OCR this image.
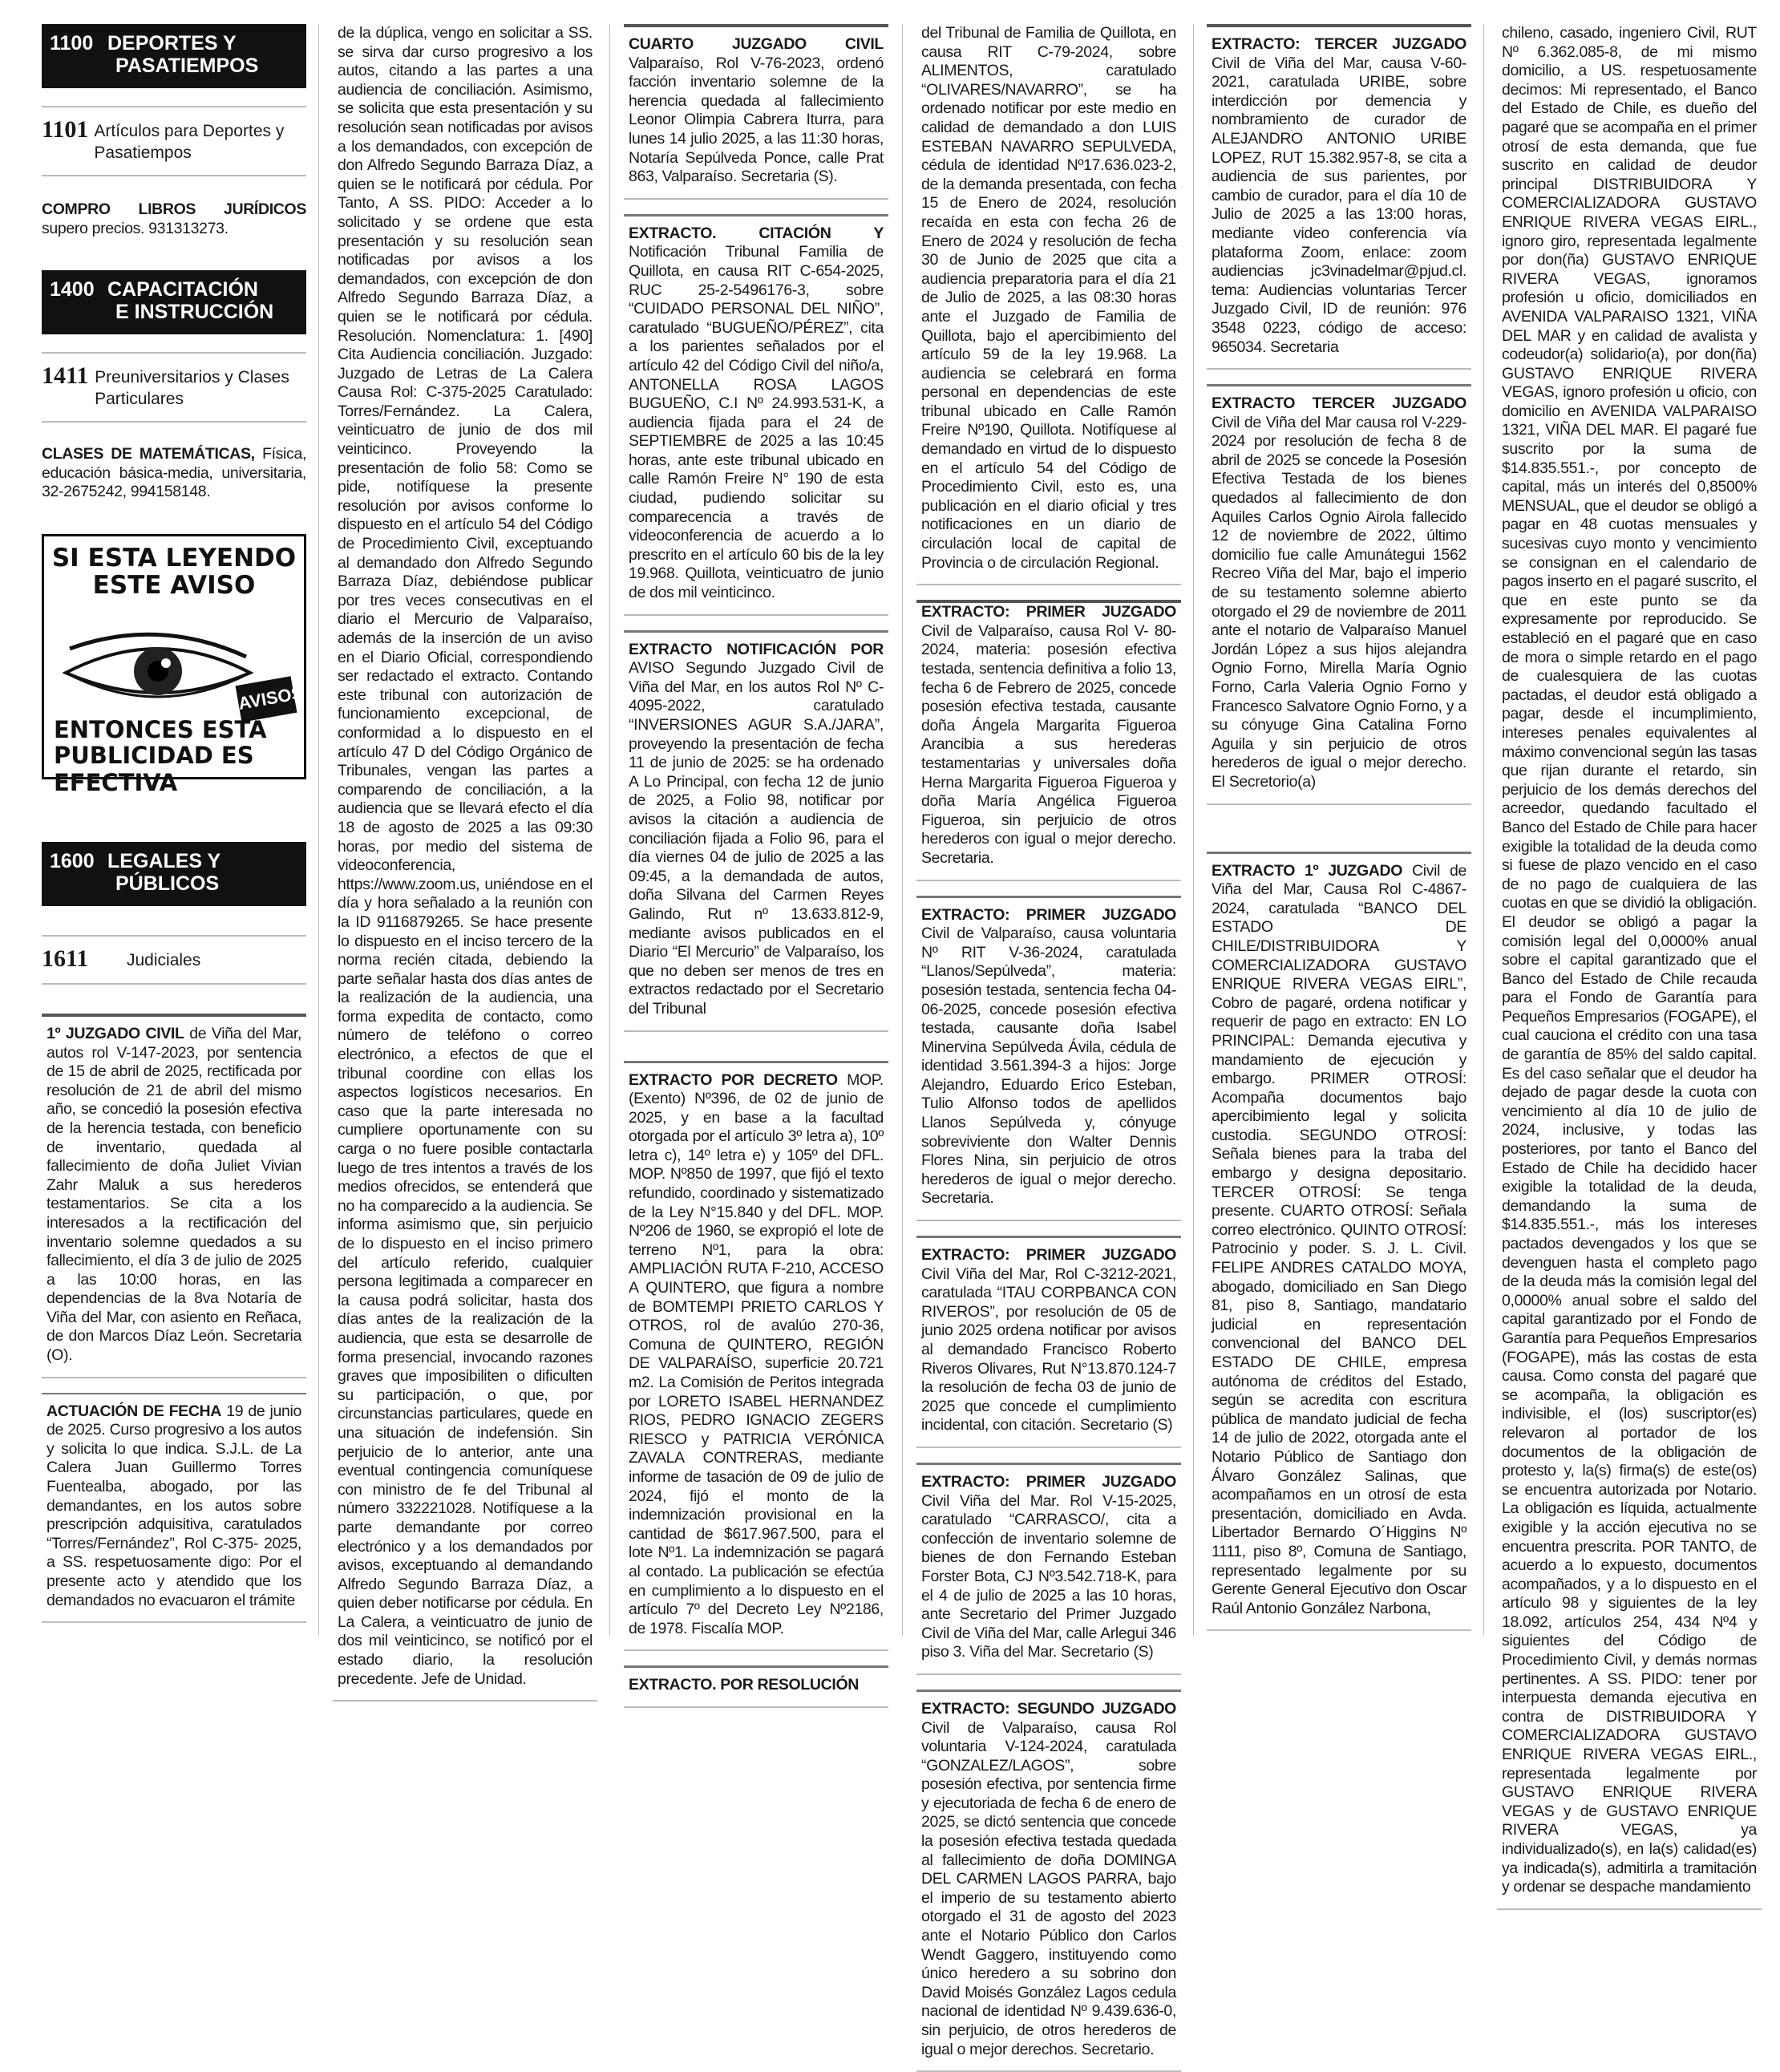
1100 DEPORTES Y
PASATIEMPOS
1101 Artículos para Deportes y Pasatiempos

COMPRO LIBROS JURÍDICOS supero precios. 931313273.

1400 CAPACITACIÓN
E INSTRUCCIÓN
1411 Preuniversitarios y Clases Particulares

CLASES DE MATEMÁTICAS, Física, educación básica-media, universitaria, 32-2675242, 994158148.

SI ESTA LEYENDO
ESTE AVISO
AVISOS
ENTONCES ESTA
PUBLICIDAD ES EFECTIVA
1600 LEGALES Y
PÚBLICOS
1611	Judiciales

1º JUZGADO CIVIL de Viña del Mar, autos rol V-147-2023, por sentencia de 15 de abril de 2025, rectificada por resolución de 21 de abril del mismo año, se concedió la posesión efectiva de la herencia testada, con beneficio de inventario, quedada al fallecimiento de doña Juliet Vivian Zahr Maluk a sus herederos testamentarios. Se cita a los interesados a la rectificación del inventario solemne quedados a su fallecimiento, el día 3 de julio de 2025 a las 10:00 horas, en las dependencias de la 8va Notaría de Viña del Mar, con asiento en Reñaca, de don Marcos Díaz León. Secretaria (O).

ACTUACIÓN DE FECHA 19 de junio de 2025. Curso progresivo a los autos y solicita lo que indica. S.J.L. de La Calera Juan Guillermo Torres Fuentealba, abogado, por las demandantes, en los autos sobre prescripción adquisitiva, caratulados “Torres/Fernández”, Rol C-375- 2025, a SS. respetuosamente digo: Por el presente acto y atendido que los demandados no evacuaron el trámite

CUARTO JUZGADO CIVIL Valparaíso, Rol V-76-2023, ordenó facción inventario solemne de la herencia quedada al fallecimiento Leonor Olimpia Cabrera Iturra, para lunes 14 julio 2025, a las 11:30 horas, Notaría Sepúlveda Ponce, calle Prat 863, Valparaíso. Secretaria (S).

EXTRACTO. CITACIÓN Y Notificación Tribunal Familia de Quillota, en causa RIT C-654-2025, RUC 25-2-5496176-3, sobre “CUIDADO PERSONAL DEL NIÑO”, caratulado “BUGUEÑO/PÉREZ”, cita a los parientes señalados por el artículo 42 del Código Civil del niño/a, ANTONELLA ROSA LAGOS BUGUEÑO, C.I Nº 24.993.531-K, a audiencia fijada para el 24 de SEPTIEMBRE de 2025 a las 10:45 horas, ante este tribunal ubicado en calle Ramón Freire N° 190 de esta ciudad, pudiendo solicitar su comparecencia a través de videoconferencia de acuerdo a lo prescrito en el artículo 60 bis de la ley 19.968. Quillota, veinticuatro de junio de dos mil veinticinco.

EXTRACTO NOTIFICACIÓN POR AVISO Segundo Juzgado Civil de Viña del Mar, en los autos Rol Nº C-4095-2022, caratulado “INVERSIONES AGUR S.A./JARA”, proveyendo la presentación de fecha 11 de junio de 2025: se ha ordenado A Lo Principal, con fecha 12 de junio de 2025, a Folio 98, notificar por avisos la citación a audiencia de conciliación fijada a Folio 96, para el día viernes 04 de julio de 2025 a las 09:45, a la demandada de autos, doña Silvana del Carmen Reyes Galindo, Rut nº 13.633.812-9, mediante avisos publicados en el Diario “El Mercurio” de Valparaíso, los que no deben ser menos de tres en extractos redactado por el Secretario del Tribunal

EXTRACTO POR DECRETO MOP. (Exento) Nº396, de 02 de junio de 2025, y en base a la facultad otorgada por el artículo 3º letra a), 10º letra c), 14º letra e) y 105º del DFL. MOP. Nº850 de 1997, que fijó el texto refundido, coordinado y sistematizado de la Ley N°15.840 y del DFL. MOP. Nº206 de 1960, se expropió el lote de terreno Nº1, para la obra: AMPLIACIÓN RUTA F-210, ACCESO A QUINTERO, que figura a nombre de BOMTEMPI PRIETO CARLOS Y OTROS, rol de avalúo 270-36, Comuna de QUINTERO, REGIÓN DE VALPARAÍSO, superficie 20.721 m2. La Comisión de Peritos integrada por LORETO ISABEL HERNANDEZ RIOS, PEDRO IGNACIO ZEGERS RIESCO y PATRICIA VERÓNICA ZAVALA CONTRERAS, mediante informe de tasación de 09 de julio de 2024, fijó el monto de la indemnización provisional en la cantidad de $617.967.500, para el lote Nº1. La indemnización se pagará al contado. La publicación se efectúa en cumplimiento a lo dispuesto en el artículo 7º del Decreto Ley Nº2186, de 1978. Fiscalía MOP.

EXTRACTO. POR RESOLUCIÓN

del Tribunal de Familia de Quillota, en causa RIT C-79-2024, sobre ALIMENTOS, caratulado “OLIVARES/NAVARRO”, se ha ordenado notificar por este medio en calidad de demandado a don LUIS ESTEBAN NAVARRO SEPULVEDA, cédula de identidad Nº17.636.023-2, de la demanda presentada, con fecha 15 de Enero de 2024, resolución recaída en esta con fecha 26 de Enero de 2024 y resolución de fecha 30 de Junio de 2025 que cita a audiencia preparatoria para el día 21 de Julio de 2025, a las 08:30 horas ante el Juzgado de Familia de Quillota, bajo el apercibimiento del artículo 59 de la ley 19.968. La audiencia se celebrará en forma personal en dependencias de este tribunal ubicado en Calle Ramón Freire Nº190, Quillota. Notifíquese al demandado en virtud de lo dispuesto en el artículo 54 del Código de Procedimiento Civil, esto es, una publicación en el diario oficial y tres notificaciones en un diario de circulación local de capital de Provincia o de circulación Regional.

EXTRACTO: PRIMER JUZGADO Civil de Valparaíso, causa Rol V- 80-2024, materia: posesión efectiva testada, sentencia definitiva a folio 13, fecha 6 de Febrero de 2025, concede posesión efectiva testada, causante doña Ángela Margarita Figueroa Arancibia a sus herederas testamentarias y universales doña Herna Margarita Figueroa Figueroa y doña María Angélica Figueroa Figueroa, sin perjuicio de otros herederos con igual o mejor derecho. Secretaria.

EXTRACTO: PRIMER JUZGADO Civil de Valparaíso, causa voluntaria Nº RIT V-36-2024, caratulada “Llanos/Sepúlveda”, materia: posesión testada, sentencia fecha 04-06-2025, concede posesión efectiva testada, causante doña Isabel Minervina Sepúlveda Ávila, cédula de identidad 3.561.394-3 a hijos: Jorge Alejandro, Eduardo Erico Esteban, Tulio Alfonso todos de apellidos Llanos Sepúlveda y, cónyuge sobreviviente don Walter Dennis Flores Nina, sin perjuicio de otros herederos de igual o mejor derecho. Secretaria.

EXTRACTO: PRIMER JUZGADO Civil Viña del Mar, Rol C-3212-2021, caratulada “ITAU CORPBANCA CON RIVEROS”, por resolución de 05 de junio 2025 ordena notificar por avisos al demandado Francisco Roberto Riveros Olivares, Rut N°13.870.124-7 la resolución de fecha 03 de junio de 2025 que concede el cumplimiento incidental, con citación. Secretario (S)

EXTRACTO: PRIMER JUZGADO Civil Viña del Mar. Rol V-15-2025, caratulado “CARRASCO/, cita a confección de inventario solemne de bienes de don Fernando Esteban Forster Bota, CJ Nº3.542.718-K, para el 4 de julio de 2025 a las 10 horas, ante Secretario del Primer Juzgado Civil de Viña del Mar, calle Arlegui 346 piso 3. Viña del Mar. Secretario (S)

EXTRACTO: SEGUNDO JUZGADO Civil de Valparaíso, causa Rol voluntaria V-124-2024, caratulada “GONZALEZ/LAGOS”, sobre posesión efectiva, por sentencia firme y ejecutoriada de fecha 6 de enero de 2025, se dictó sentencia que concede la posesión efectiva testada quedada al fallecimiento de doña DOMINGA DEL CARMEN LAGOS PARRA, bajo el imperio de su testamento abierto otorgado el 31 de agosto del 2023 ante el Notario Público don Carlos Wendt Gaggero, instituyendo como único heredero a su sobrino don David Moisés González Lagos cedula nacional de identidad Nº 9.439.636-0, sin perjuicio, de otros herederos de igual o mejor derechos. Secretario.

EXTRACTO: TERCER JUZGADO Civil de Viña del Mar, causa V-60-2021, caratulada URIBE, sobre interdicción por demencia y nombramiento de curador de ALEJANDRO ANTONIO URIBE LOPEZ, RUT 15.382.957-8, se cita a audiencia de sus parientes, por cambio de curador, para el día 10 de Julio de 2025 a las 13:00 horas, mediante video conferencia vía plataforma Zoom, enlace: zoom audiencias jc3vinadelmar@pjud.cl. tema: Audiencias voluntarias Tercer Juzgado Civil, ID de reunión: 976 3548 0223, código de acceso: 965034. Secretaria

EXTRACTO TERCER JUZGADO Civil de Viña del Mar causa rol V-229-2024 por resolución de fecha 8 de abril de 2025 se concede la Posesión Efectiva Testada de los bienes quedados al fallecimiento de don Aquiles Carlos Ognio Airola fallecido 12 de noviembre de 2022, último domicilio fue calle Amunátegui 1562 Recreo Viña del Mar, bajo el imperio de su testamento solemne abierto otorgado el 29 de noviembre de 2011 ante el notario de Valparaíso Manuel Jordán López a sus hijos alejandra Ognio Forno, Mirella María Ognio Forno, Carla Valeria Ognio Forno y Francesco Salvatore Ognio Forno, y a su cónyuge Gina Catalina Forno Aguila y sin perjuicio de otros herederos de igual o mejor derecho. El Secretorio(a)

EXTRACTO 1º JUZGADO Civil de Viña del Mar, Causa Rol C-4867-2024, caratulada “BANCO DEL ESTADO DE CHILE/DISTRIBUIDORA Y COMERCIALIZADORA GUSTAVO ENRIQUE RIVERA VEGAS EIRL”, Cobro de pagaré, ordena notificar y requerir de pago en extracto: EN LO PRINCIPAL: Demanda ejecutiva y mandamiento de ejecución y embargo. PRIMER OTROSÍ: Acompaña documentos bajo apercibimiento legal y solicita custodia. SEGUNDO OTROSÍ: Señala bienes para la traba del embargo y designa depositario. TERCER OTROSÍ: Se tenga presente. CUARTO OTROSÍ: Señala correo electrónico. QUINTO OTROSÍ: Patrocinio y poder. S. J. L. Civil. FELIPE ANDRES CATALDO MOYA, abogado, domiciliado en San Diego 81, piso 8, Santiago, mandatario judicial en representación convencional del BANCO DEL ESTADO DE CHILE, empresa autónoma de créditos del Estado, según se acredita con escritura pública de mandato judicial de fecha 14 de julio de 2022, otorgada ante el Notario Público de Santiago don Álvaro González Salinas, que acompañamos en un otrosí de esta presentación, domiciliado en Avda. Libertador Bernardo O´Higgins Nº 1111, piso 8º, Comuna de Santiago, representado legalmente por su Gerente General Ejecutivo don Oscar Raúl Antonio González Narbona,

de la dúplica, vengo en solicitar a SS. se sirva dar curso progresivo a los autos, citando a las partes a una audiencia de conciliación. Asimismo, se solicita que esta presentación y su resolución sean notificadas por avisos a los demandados, con excepción de don Alfredo Segundo Barraza Díaz, a quien se le notificará por cédula. Por Tanto, A SS. PIDO: Acceder a lo solicitado y se ordene que esta presentación y su resolución sean notificadas por avisos a los demandados, con excepción de don Alfredo Segundo Barraza Díaz, a quien se le notificará por cédula. Resolución. Nomenclatura: 1. [490] Cita Audiencia conciliación. Juzgado: Juzgado de Letras de La Calera Causa Rol: C-375-2025 Caratulado: Torres/Fernández. La Calera, veinticuatro de junio de dos mil veinticinco. Proveyendo la presentación de folio 58: Como se pide, notifíquese la presente resolución por avisos conforme lo dispuesto en el artículo 54 del Código de Procedimiento Civil, exceptuando al demandado don Alfredo Segundo Barraza Díaz, debiéndose publicar por tres veces consecutivas en el diario el Mercurio de Valparaíso, además de la inserción de un aviso en el Diario Oficial, correspondiendo ser redactado el extracto. Contando este tribunal con autorización de funcionamiento excepcional, de conformidad a lo dispuesto en el artículo 47 D del Código Orgánico de Tribunales, vengan las partes a comparendo de conciliación, a la audiencia que se llevará efecto el día 18 de agosto de 2025 a las 09:30 horas, por medio del sistema de videoconferencia, https://www.zoom.us, uniéndose en el día y hora señalado a la reunión con la ID 9116879265. Se hace presente lo dispuesto en el inciso tercero de la norma recién citada, debiendo la parte señalar hasta dos días antes de la realización de la audiencia, una forma expedita de contacto, como número de teléfono o correo electrónico, a efectos de que el tribunal coordine con ellas los aspectos logísticos necesarios. En caso que la parte interesada no cumpliere oportunamente con su carga o no fuere posible contactarla luego de tres intentos a través de los medios ofrecidos, se entenderá que no ha comparecido a la audiencia. Se informa asimismo que, sin perjuicio de lo dispuesto en el inciso primero del artículo referido, cualquier persona legitimada a comparecer en la causa podrá solicitar, hasta dos días antes de la realización de la audiencia, que esta se desarrolle de forma presencial, invocando razones graves que imposibiliten o dificulten su participación, o que, por circunstancias particulares, quede en una situación de indefensión. Sin perjuicio de lo anterior, ante una eventual contingencia comuníquese con ministro de fe del Tribunal al número 332221028. Notifíquese a la parte demandante por correo electrónico y a los demandados por avisos, exceptuando al demandando Alfredo Segundo Barraza Díaz, a quien deber notificarse por cédula. En La Calera, a veinticuatro de junio de dos mil veinticinco, se notificó por el estado diario, la resolución precedente. Jefe de Unidad.

chileno, casado, ingeniero Civil, RUT Nº 6.362.085-8, de mi mismo domicilio, a US. respetuosamente decimos: Mi representado, el Banco del Estado de Chile, es dueño del pagaré que se acompaña en el primer otrosí de esta demanda, que fue suscrito en calidad de deudor principal DISTRIBUIDORA Y COMERCIALIZADORA GUSTAVO ENRIQUE RIVERA VEGAS EIRL., ignoro giro, representada legalmente por don(ña) GUSTAVO ENRIQUE RIVERA VEGAS, ignoramos profesión u oficio, domiciliados en AVENIDA VALPARAISO 1321, VIÑA DEL MAR y en calidad de avalista y codeudor(a) solidario(a), por don(ña) GUSTAVO ENRIQUE RIVERA VEGAS, ignoro profesión u oficio, con domicilio en AVENIDA VALPARAISO 1321, VIÑA DEL MAR. El pagaré fue suscrito por la suma de $14.835.551.-, por concepto de capital, más un interés del 0,8500% MENSUAL, que el deudor se obligó a pagar en 48 cuotas mensuales y sucesivas cuyo monto y vencimiento se consignan en el calendario de pagos inserto en el pagaré suscrito, el que en este punto se da expresamente por reproducido. Se estableció en el pagaré que en caso de mora o simple retardo en el pago de cualesquiera de las cuotas pactadas, el deudor está obligado a pagar, desde el incumplimiento, intereses penales equivalentes al máximo convencional según las tasas que rijan durante el retardo, sin perjuicio de los demás derechos del acreedor, quedando facultado el Banco del Estado de Chile para hacer exigible la totalidad de la deuda como si fuese de plazo vencido en el caso de no pago de cualquiera de las cuotas en que se dividió la obligación. El deudor se obligó a pagar la comisión legal del 0,0000% anual sobre el capital garantizado que el Banco del Estado de Chile recauda para el Fondo de Garantía para Pequeños Empresarios (FOGAPE), el cual cauciona el crédito con una tasa de garantía de 85% del saldo capital. Es del caso señalar que el deudor ha dejado de pagar desde la cuota con vencimiento al día 10 de julio de 2024, inclusive, y todas las posteriores, por tanto el Banco del Estado de Chile ha decidido hacer exigible la totalidad de la deuda, demandando la suma de $14.835.551.-, más los intereses pactados devengados y los que se devenguen hasta el completo pago de la deuda más la comisión legal del 0,0000% anual sobre el saldo del capital garantizado por el Fondo de Garantía para Pequeños Empresarios (FOGAPE), más las costas de esta causa. Como consta del pagaré que se acompaña, la obligación es indivisible, el (los) suscriptor(es) relevaron al portador de los documentos de la obligación de protesto y, la(s) firma(s) de este(os) se encuentra autorizada por Notario. La obligación es líquida, actualmente exigible y la acción ejecutiva no se encuentra prescrita. POR TANTO, de acuerdo a lo expuesto, documentos acompañados, y a lo dispuesto en el artículo 98 y siguientes de la ley 18.092, artículos 254, 434 Nº4 y siguientes del Código de Procedimiento Civil, y demás normas pertinentes. A SS. PIDO: tener por interpuesta demanda ejecutiva en contra de DISTRIBUIDORA Y COMERCIALIZADORA GUSTAVO ENRIQUE RIVERA VEGAS EIRL., representada legalmente por GUSTAVO ENRIQUE RIVERA VEGAS y de GUSTAVO ENRIQUE RIVERA VEGAS, ya individualizado(s), en la(s) calidad(es) ya indicada(s), admitirla a tramitación y ordenar se despache mandamiento
